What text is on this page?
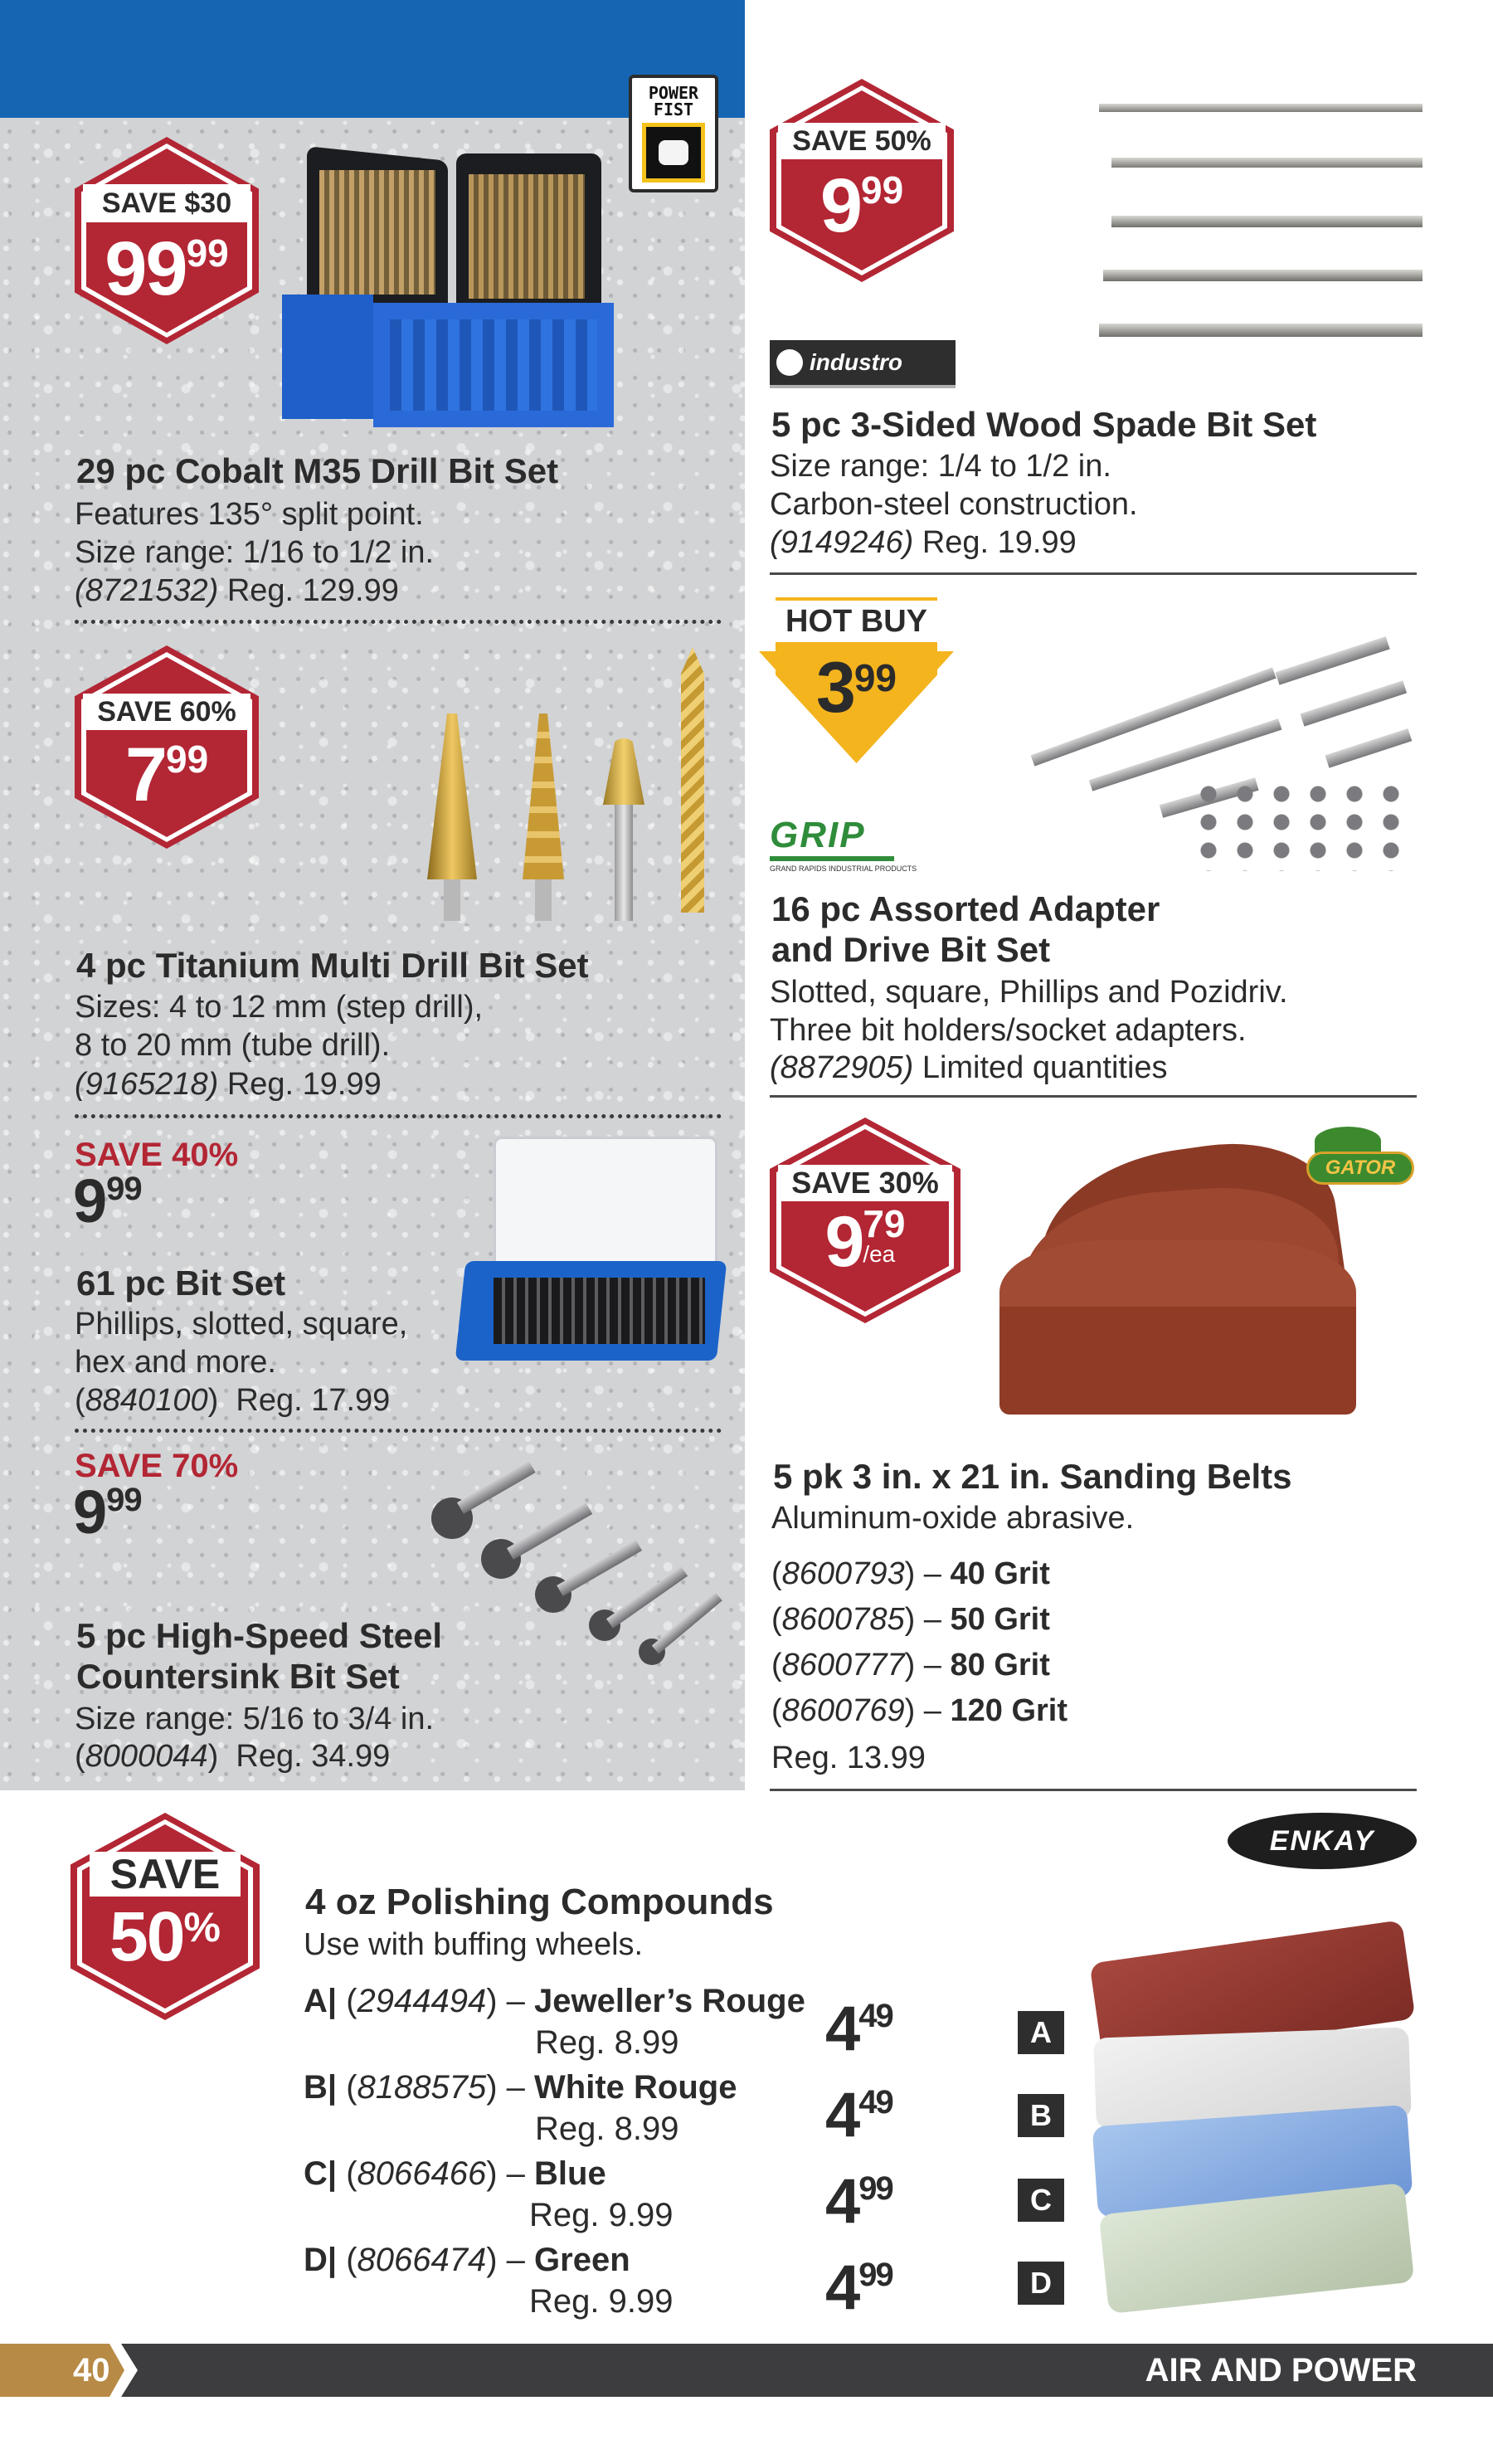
POWER FIST
SAVE $30
9999
29 pc Cobalt M35 Drill Bit Set
Features 135° split point.
Size range: 1/16 to 1/2 in.
(8721532) Reg. 129.99
SAVE 50%
999
industro
5 pc 3-Sided Wood Spade Bit Set
Size range: 1/4 to 1/2 in.
Carbon-steel construction.
(9149246) Reg. 19.99
SAVE 60%
799
4 pc Titanium Multi Drill Bit Set
Sizes: 4 to 12 mm (step drill),
8 to 20 mm (tube drill).
(9165218) Reg. 19.99
HOT BUY
399
GRIP
GRAND RAPIDS INDUSTRIAL PRODUCTS
16 pc Assorted Adapter
and Drive Bit Set
Slotted, square, Phillips and Pozidriv.
Three bit holders/socket adapters.
(8872905) Limited quantities
SAVE 40%
999
61 pc Bit Set
Phillips, slotted, square,
hex and more.
(8840100)  Reg. 17.99
SAVE 30%
9 79
/ea
GATOR
5 pk 3 in. x 21 in. Sanding Belts
Aluminum-oxide abrasive.
(8600793) – 40 Grit
(8600785) – 50 Grit
(8600777) – 80 Grit
(8600769) – 120 Grit
Reg. 13.99
SAVE 70%
999
5 pc High-Speed Steel
Countersink Bit Set
Size range: 5/16 to 3/4 in.
(8000044)  Reg. 34.99
SAVE
50%
ENKAY
4 oz Polishing Compounds
Use with buffing wheels.
A| (2944494) – Jeweller’s Rouge
Reg. 8.99 $4^{49}$
B| (8188575) – White Rouge
Reg. 8.99 $4^{49}$
C| (8066466) – Blue
Reg. 9.99 $4^{99}$
D| (8066474) – Green
Reg. 9.99 $4^{99}$
A
B
C
D
40	AIR AND POWER
